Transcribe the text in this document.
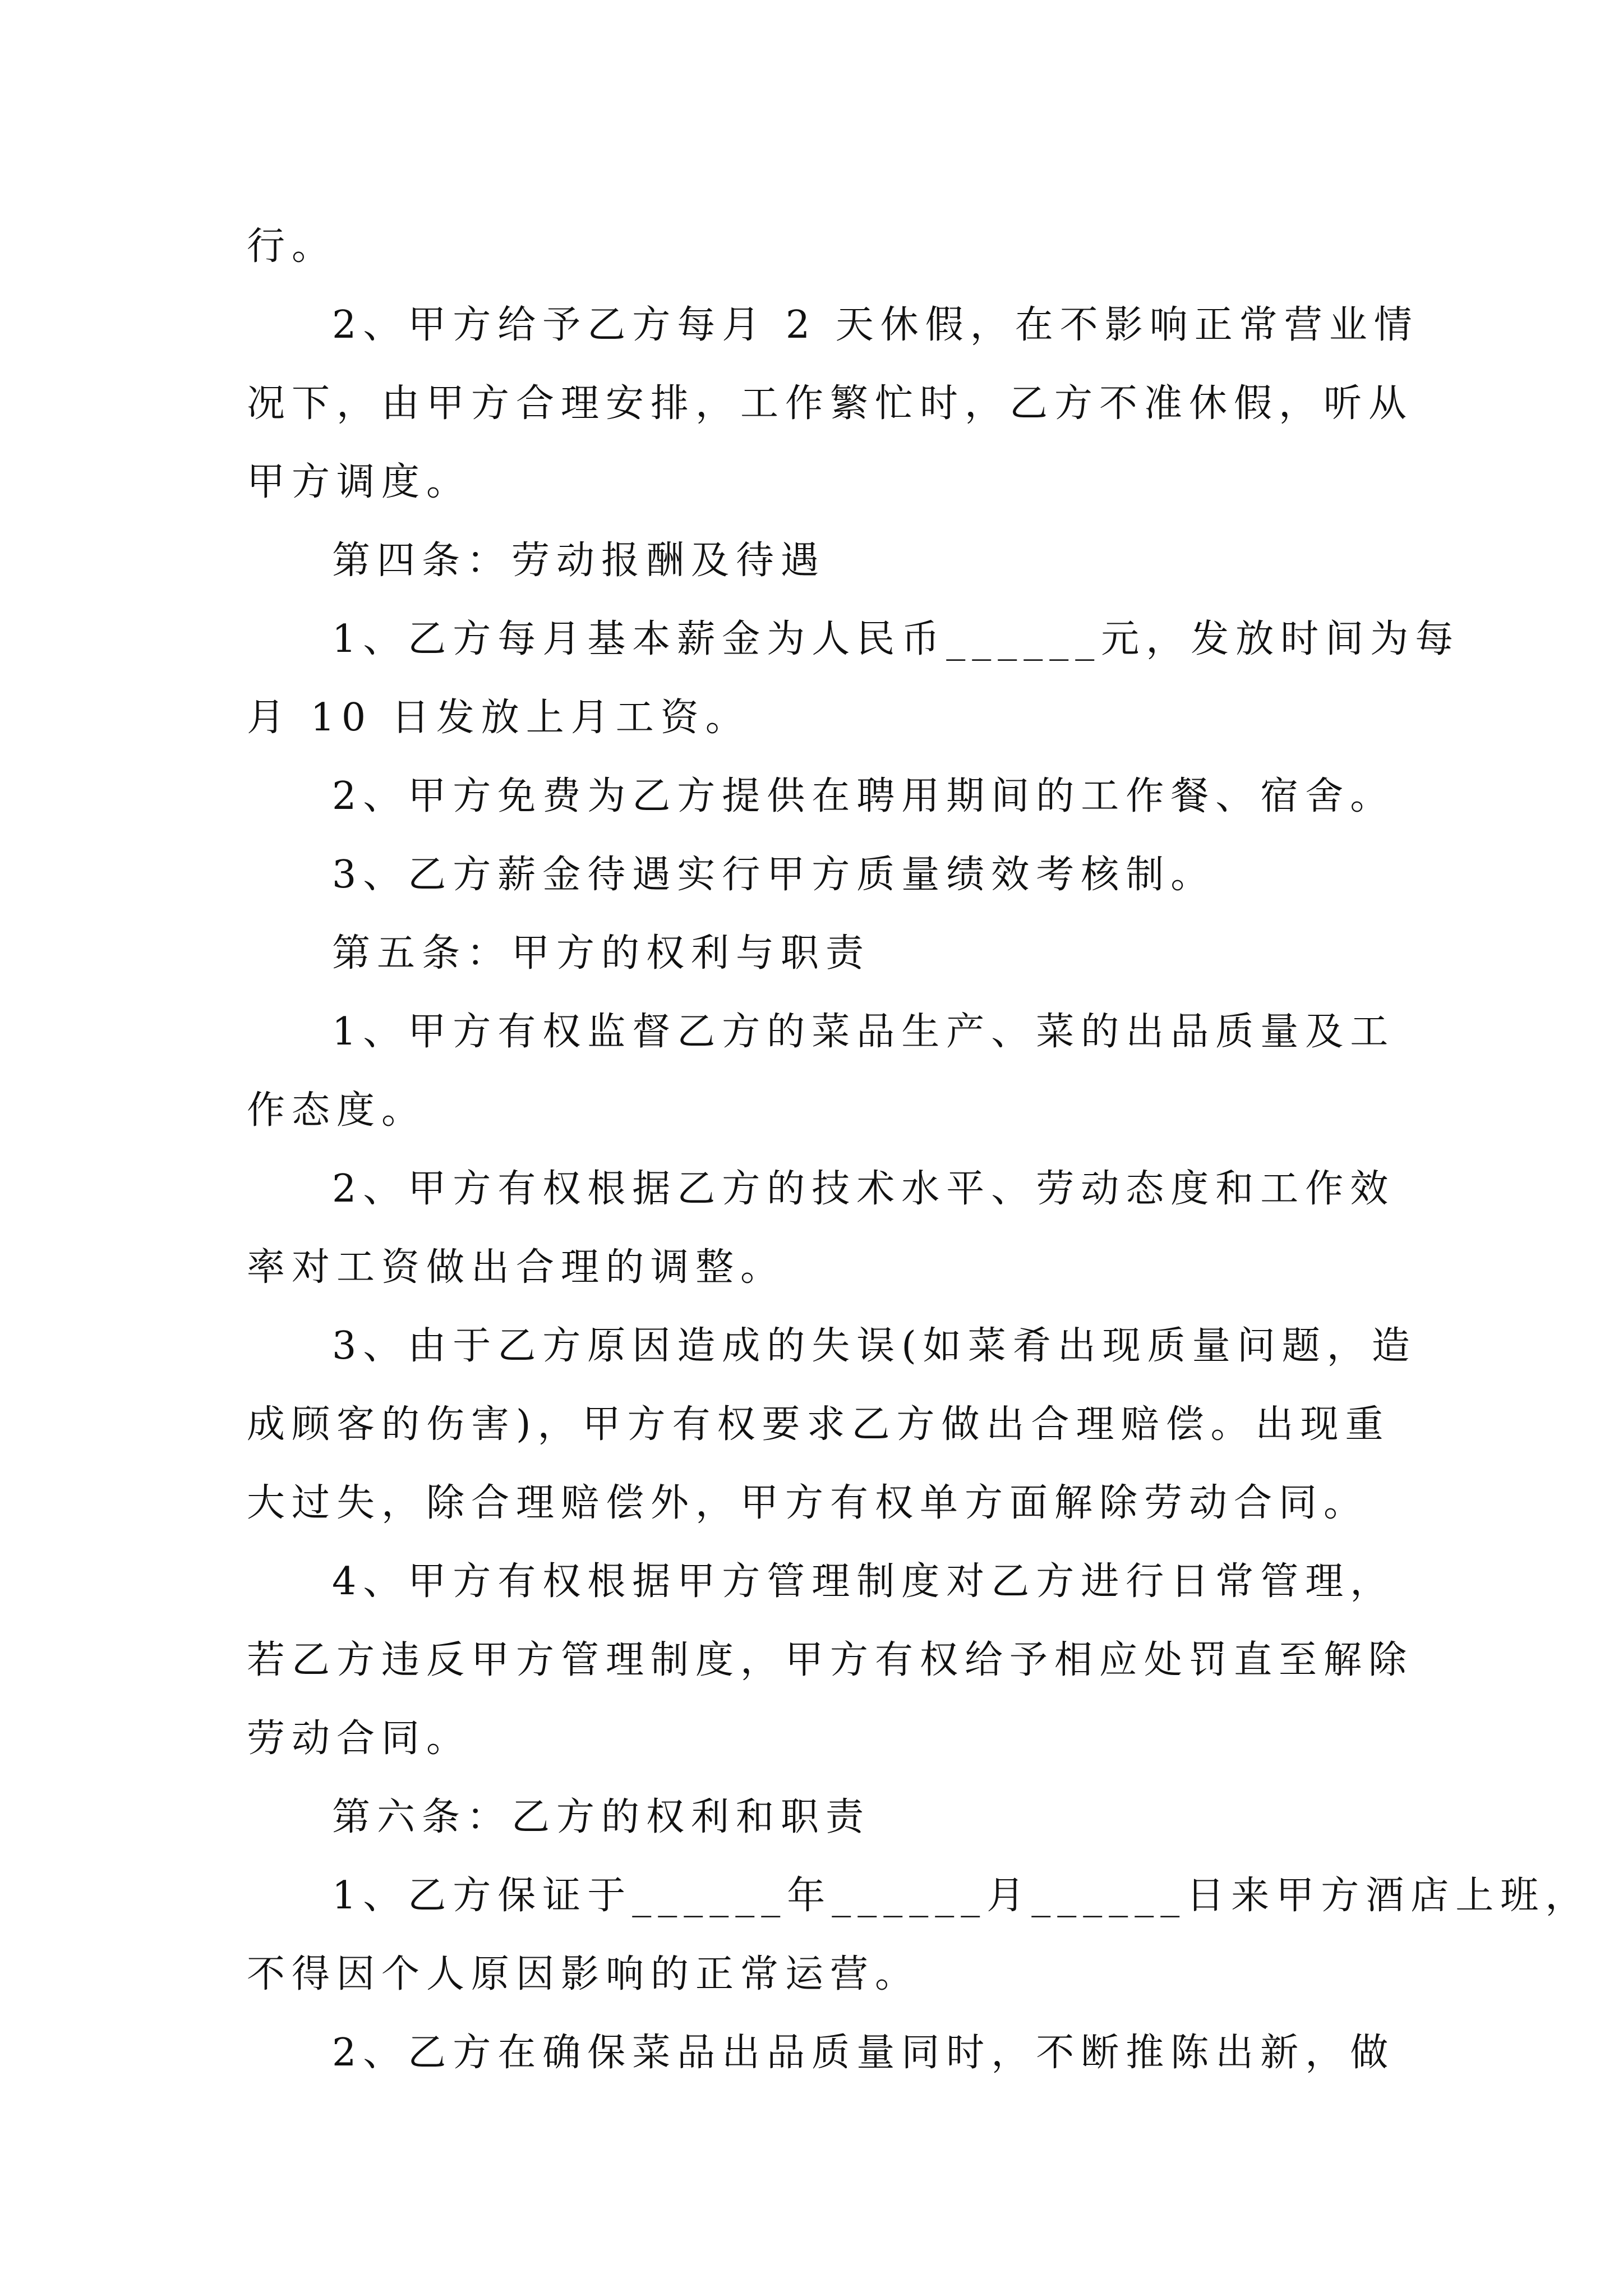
行。
2、甲方给予乙方每月 2 天休假，在不影响正常营业情
况下，由甲方合理安排，工作繁忙时，乙方不准休假，听从
甲方调度。
第四条：劳动报酬及待遇
1、乙方每月基本薪金为人民币______元，发放时间为每
月 10 日发放上月工资。
2、甲方免费为乙方提供在聘用期间的工作餐、宿舍。
3、乙方薪金待遇实行甲方质量绩效考核制。
第五条：甲方的权利与职责
1、甲方有权监督乙方的菜品生产、菜的出品质量及工
作态度。
2、甲方有权根据乙方的技术水平、劳动态度和工作效
率对工资做出合理的调整。
3、由于乙方原因造成的失误(如菜肴出现质量问题，造
成顾客的伤害)，甲方有权要求乙方做出合理赔偿。出现重
大过失，除合理赔偿外，甲方有权单方面解除劳动合同。
4、甲方有权根据甲方管理制度对乙方进行日常管理，
若乙方违反甲方管理制度，甲方有权给予相应处罚直至解除
劳动合同。
第六条：乙方的权利和职责
1、乙方保证于______年______月______日来甲方酒店上班，
不得因个人原因影响的正常运营。
2、乙方在确保菜品出品质量同时，不断推陈出新，做
